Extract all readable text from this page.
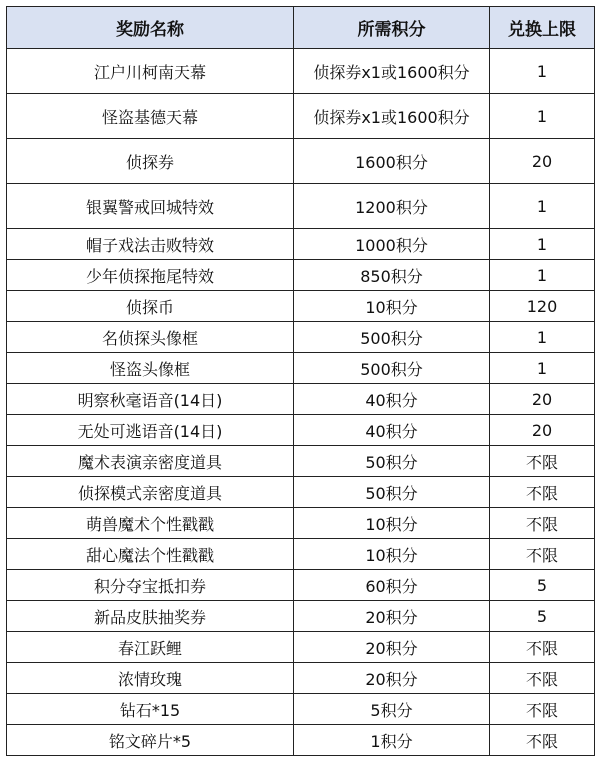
奖励名称	所需积分	兑换上限
江户川柯南天幕	侦探券x1或1600积分	1
怪盗基德天幕	侦探券x1或1600积分	1
侦探券	1600积分	20
银翼警戒回城特效	1200积分	1
帽子戏法击败特效	1000积分	1
少年侦探拖尾特效	850积分	1
侦探币	10积分	120
名侦探头像框	500积分	1
怪盗头像框	500积分	1
明察秋毫语音(14日)	40积分	20
无处可逃语音(14日)	40积分	20
魔术表演亲密度道具	50积分	不限
侦探模式亲密度道具	50积分	不限
萌兽魔术个性戳戳	10积分	不限
甜心魔法个性戳戳	10积分	不限
积分夺宝抵扣券	60积分	5
新品皮肤抽奖券	20积分	5
春江跃鲤	20积分	不限
浓情玫瑰	20积分	不限
钻石*15	5积分	不限
铭文碎片*5	1积分	不限
